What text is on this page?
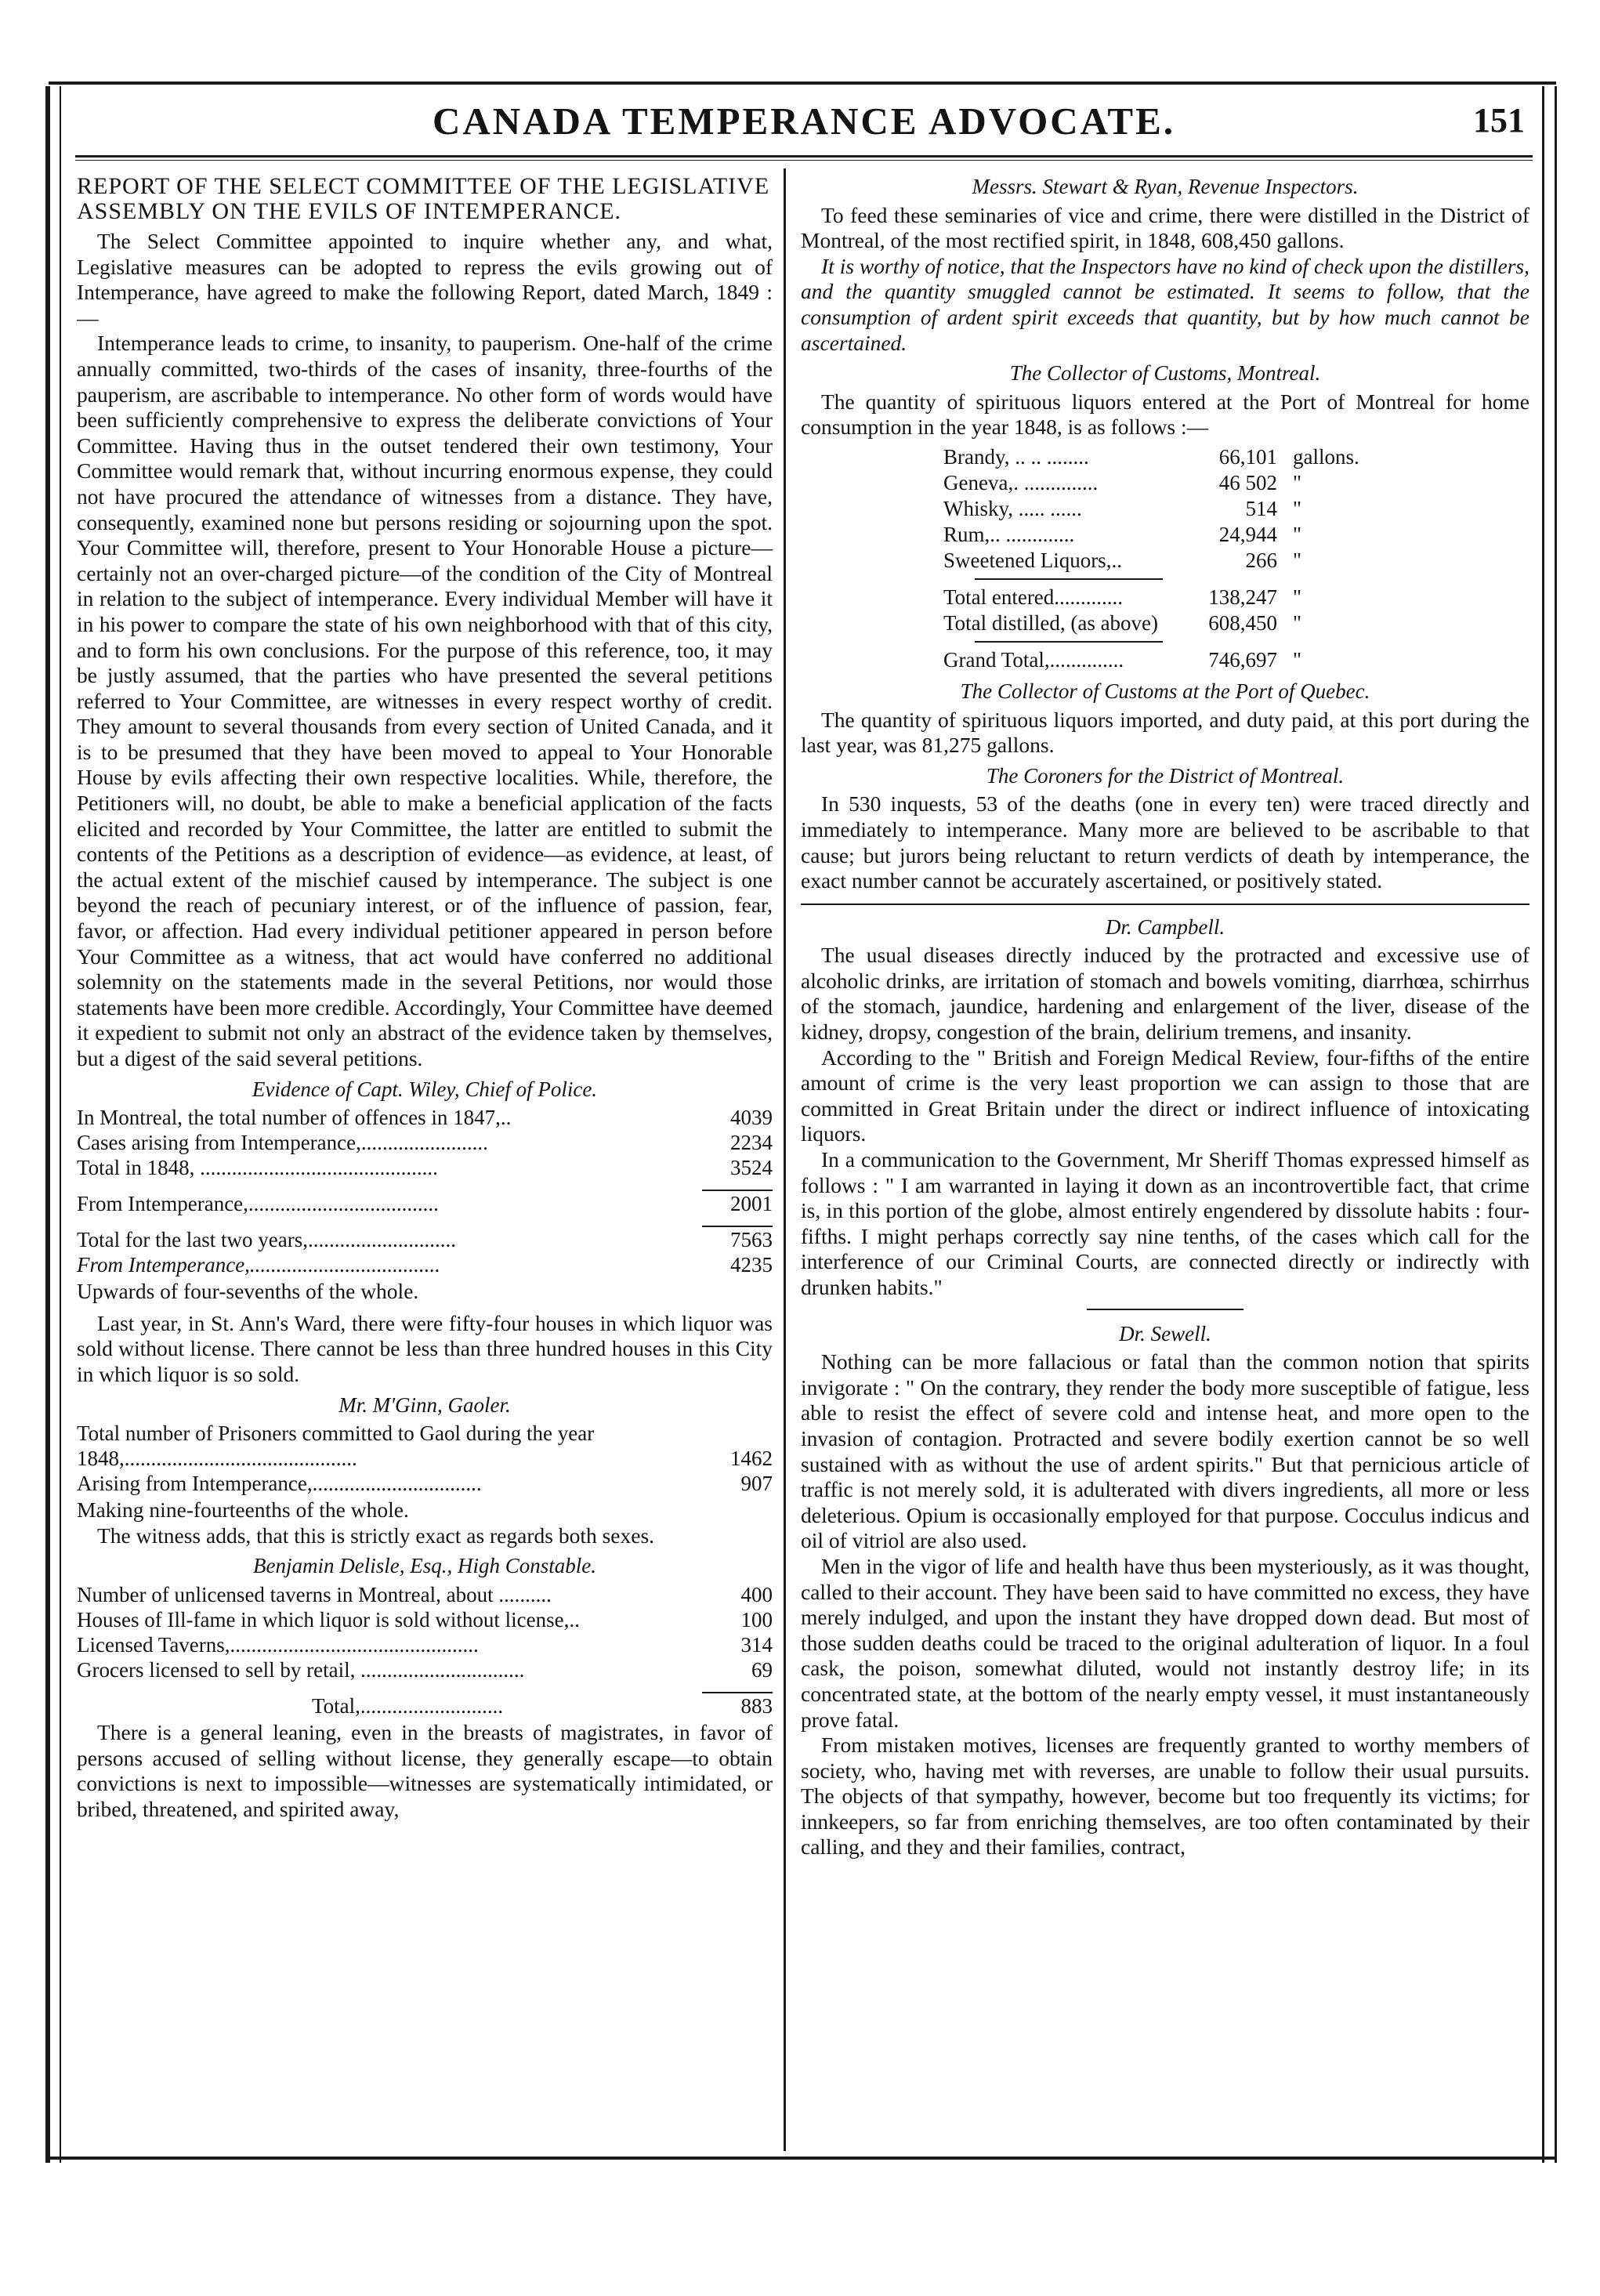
CANADA TEMPERANCE ADVOCATE.	151
REPORT OF THE SELECT COMMITTEE OF THE LEGISLATIVE ASSEMBLY ON THE EVILS OF INTEMPERANCE.

The Select Committee appointed to inquire whether any, and what, Legislative measures can be adopted to repress the evils growing out of Intemperance, have agreed to make the following Report, dated March, 1849 :—

Intemperance leads to crime, to insanity, to pauperism. One-half of the crime annually committed, two-thirds of the cases of insanity, three-fourths of the pauperism, are ascribable to intemperance. No other form of words would have been sufficiently comprehensive to express the deliberate convictions of Your Committee. Having thus in the outset tendered their own testimony, Your Committee would remark that, without incurring enormous expense, they could not have procured the attendance of witnesses from a distance. They have, consequently, examined none but persons residing or sojourning upon the spot. Your Committee will, therefore, present to Your Honorable House a picture—certainly not an over-charged picture—of the condition of the City of Montreal in relation to the subject of intemperance. Every individual Member will have it in his power to compare the state of his own neighborhood with that of this city, and to form his own conclusions. For the purpose of this reference, too, it may be justly assumed, that the parties who have presented the several petitions referred to Your Committee, are witnesses in every respect worthy of credit. They amount to several thousands from every section of United Canada, and it is to be presumed that they have been moved to appeal to Your Honorable House by evils affecting their own respective localities. While, therefore, the Petitioners will, no doubt, be able to make a beneficial application of the facts elicited and recorded by Your Committee, the latter are entitled to submit the contents of the Petitions as a description of evidence—as evidence, at least, of the actual extent of the mischief caused by intemperance. The subject is one beyond the reach of pecuniary interest, or of the influence of passion, fear, favor, or affection. Had every individual petitioner appeared in person before Your Committee as a witness, that act would have conferred no additional solemnity on the statements made in the several Petitions, nor would those statements have been more credible. Accordingly, Your Committee have deemed it expedient to submit not only an abstract of the evidence taken by themselves, but a digest of the said several petitions.

Evidence of Capt. Wiley, Chief of Police.
In Montreal, the total number of offences in 1847,..	4039
Cases arising from Intemperance,........................	2234
Total in 1848, .............................................	3524
From Intemperance,....................................	2001
Total for the last two years,............................	7563
From Intemperance,....................................	4235

Upwards of four-sevenths of the whole.

Last year, in St. Ann's Ward, there were fifty-four houses in which liquor was sold without license. There cannot be less than three hundred houses in this City in which liquor is so sold.

Mr. M'Ginn, Gaoler.
Total number of Prisoners committed to Gaol during the year 1848,............................................	1462
Arising from Intemperance,................................	907

Making nine-fourteenths of the whole.

The witness adds, that this is strictly exact as regards both sexes.

Benjamin Delisle, Esq., High Constable.
Number of unlicensed taverns in Montreal, about ..........	400
Houses of Ill-fame in which liquor is sold without license,..	100
Licensed Taverns,...............................................	314
Grocers licensed to sell by retail, ...............................	69
Total,...........................	883

There is a general leaning, even in the breasts of magistrates, in favor of persons accused of selling without license, they generally escape—to obtain convictions is next to impossible—witnesses are systematically intimidated, or bribed, threatened, and spirited away,

Messrs. Stewart & Ryan, Revenue Inspectors.

To feed these seminaries of vice and crime, there were distilled in the District of Montreal, of the most rectified spirit, in 1848, 608,450 gallons.

It is worthy of notice, that the Inspectors have no kind of check upon the distillers, and the quantity smuggled cannot be estimated. It seems to follow, that the consumption of ardent spirit exceeds that quantity, but by how much cannot be ascertained.

The Collector of Customs, Montreal.

The quantity of spirituous liquors entered at the Port of Montreal for home consumption in the year 1848, is as follows :—

Brandy, .. .. ........	66,101	gallons.
Geneva,. ..............	46 502	"
Whisky, ..... ......	514	"
Rum,.. .............	24,944	"
Sweetened Liquors,..	266	"

Total entered.............	138,247	"
Total distilled, (as above)	608,450	"

Grand Total,..............	746,697	"
The Collector of Customs at the Port of Quebec.

The quantity of spirituous liquors imported, and duty paid, at this port during the last year, was 81,275 gallons.

The Coroners for the District of Montreal.

In 530 inquests, 53 of the deaths (one in every ten) were traced directly and immediately to intemperance. Many more are believed to be ascribable to that cause; but jurors being reluctant to return verdicts of death by intemperance, the exact number cannot be accurately ascertained, or positively stated.

Dr. Campbell.

The usual diseases directly induced by the protracted and excessive use of alcoholic drinks, are irritation of stomach and bowels vomiting, diarrhœa, schirrhus of the stomach, jaundice, hardening and enlargement of the liver, disease of the kidney, dropsy, congestion of the brain, delirium tremens, and insanity.

According to the " British and Foreign Medical Review, four-fifths of the entire amount of crime is the very least proportion we can assign to those that are committed in Great Britain under the direct or indirect influence of intoxicating liquors.

In a communication to the Government, Mr Sheriff Thomas expressed himself as follows : " I am warranted in laying it down as an incontrovertible fact, that crime is, in this portion of the globe, almost entirely engendered by dissolute habits : four-fifths. I might perhaps correctly say nine tenths, of the cases which call for the interference of our Criminal Courts, are connected directly or indirectly with drunken habits."

Dr. Sewell.

Nothing can be more fallacious or fatal than the common notion that spirits invigorate : " On the contrary, they render the body more susceptible of fatigue, less able to resist the effect of severe cold and intense heat, and more open to the invasion of contagion. Protracted and severe bodily exertion cannot be so well sustained with as without the use of ardent spirits." But that pernicious article of traffic is not merely sold, it is adulterated with divers ingredients, all more or less deleterious. Opium is occasionally employed for that purpose. Cocculus indicus and oil of vitriol are also used.

Men in the vigor of life and health have thus been mysteriously, as it was thought, called to their account. They have been said to have committed no excess, they have merely indulged, and upon the instant they have dropped down dead. But most of those sudden deaths could be traced to the original adulteration of liquor. In a foul cask, the poison, somewhat diluted, would not instantly destroy life; in its concentrated state, at the bottom of the nearly empty vessel, it must instantaneously prove fatal.

From mistaken motives, licenses are frequently granted to worthy members of society, who, having met with reverses, are unable to follow their usual pursuits. The objects of that sympathy, however, become but too frequently its victims; for innkeepers, so far from enriching themselves, are too often contaminated by their calling, and they and their families, contract,
